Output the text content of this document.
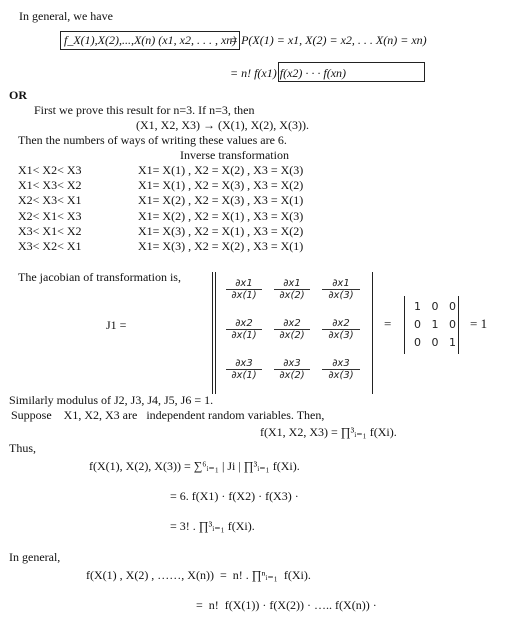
In general, we have
f_X(1),X(2),...,X(n) (x1, x2, . . . , xn)
= P(X(1) = x1, X(2) = x2, . . . X(n) = xn)
= n! f(x1) f(x2) · · · f(xn)
OR
First we prove this result for n=3. If n=3, then
(X1, X2, X3) → (X(1), X(2), X(3)).
Then the numbers of ways of writing these values are 6.
Inverse transformation
X1< X2< X3
X1< X3< X2
X2< X3< X1
X2< X1< X3
X3< X1< X2
X3< X2< X1
X1= X(1) , X2 = X(2) , X3 = X(3)
X1= X(1) , X2 = X(3) , X3 = X(2)
X1= X(2) , X2 = X(3) , X3 = X(1)
X1= X(2) , X2 = X(1) , X3 = X(3)
X1= X(3) , X2 = X(1) , X3 = X(2)
X1= X(3) , X2 = X(2) , X3 = X(1)
The jacobian of transformation is,
J1 =
$\frac{\partial x1}{\partial x(1)} \frac{\partial x1}{\partial x(2)} \frac{\partial x1}{\partial x(3)}$
$\frac{\partial x2}{\partial x(1)} \frac{\partial x2}{\partial x(2)} \frac{\partial x2}{\partial x(3)}$
$\frac{\partial x3}{\partial x(1)} \frac{\partial x3}{\partial x(2)} \frac{\partial x3}{\partial x(3)}$
=
1   0   0
0   1   0
0   0   1
= 1
Similarly modulus of J2, J3, J4, J5, J6 = 1.
Suppose    X1, X2, X3 are   independent random variables. Then,
f(X1, X2, X3) = ∏³ᵢ₌₁ f(Xi).
Thus,
f(X(1), X(2), X(3)) = ∑⁶ᵢ₌₁ | Ji | ∏³ᵢ₌₁ f(Xi).
= 6. f(X1) · f(X2) · f(X3) ·
= 3! . ∏³ᵢ₌₁ f(Xi).
In general,
f(X(1) , X(2) , ……, X(n))  =  n! . ∏ⁿᵢ₌₁  f(Xi).
=  n!  f(X(1)) · f(X(2)) · ….. f(X(n)) ·
